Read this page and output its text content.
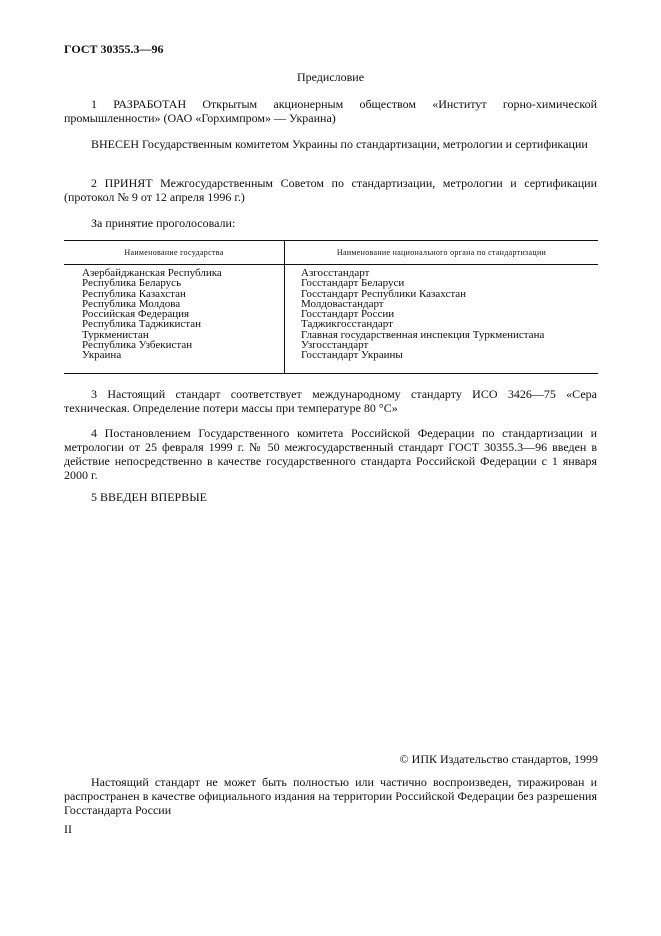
ГОСТ 30355.3—96
Предисловие
1 РАЗРАБОТАН Открытым акционерным обществом «Институт горно-химической промышленности» (ОАО «Горхимпром» — Украина)
ВНЕСЕН Государственным комитетом Украины по стандартизации, метрологии и сертификации
2 ПРИНЯТ Межгосударственным Советом по стандартизации, метрологии и сертификации (протокол № 9 от 12 апреля 1996 г.)
За принятие проголосовали:
Наименование государства	Наименование национального органа по стандартизации
Азербайджанская Республика
Республика Беларусь
Республика Казахстан
Республика Молдова
Российская Федерация
Республика Таджикистан
Туркменистан
Республика Узбекистан
Украина
Азгосстандарт
Госстандарт Беларуси
Госстандарт Республики Казахстан
Молдовастандарт
Госстандарт России
Таджикгосстандарт
Главная государственная инспекция Туркменистана
Узгосстандарт
Госстандарт Украины
3 Настоящий стандарт соответствует международному стандарту ИСО 3426—75 «Сера техническая. Определение потери массы при температуре 80 °C»
4 Постановлением Государственного комитета Российской Федерации по стандартизации и метрологии от 25 февраля 1999 г. № 50 межгосударственный стандарт ГОСТ 30355.3—96 введен в действие непосредственно в качестве государственного стандарта Российской Федерации с 1 января 2000 г.
5 ВВЕДЕН ВПЕРВЫЕ
© ИПК Издательство стандартов, 1999
Настоящий стандарт не может быть полностью или частично воспроизведен, тиражирован и распространен в качестве официального издания на территории Российской Федерации без разрешения Госстандарта России
II
